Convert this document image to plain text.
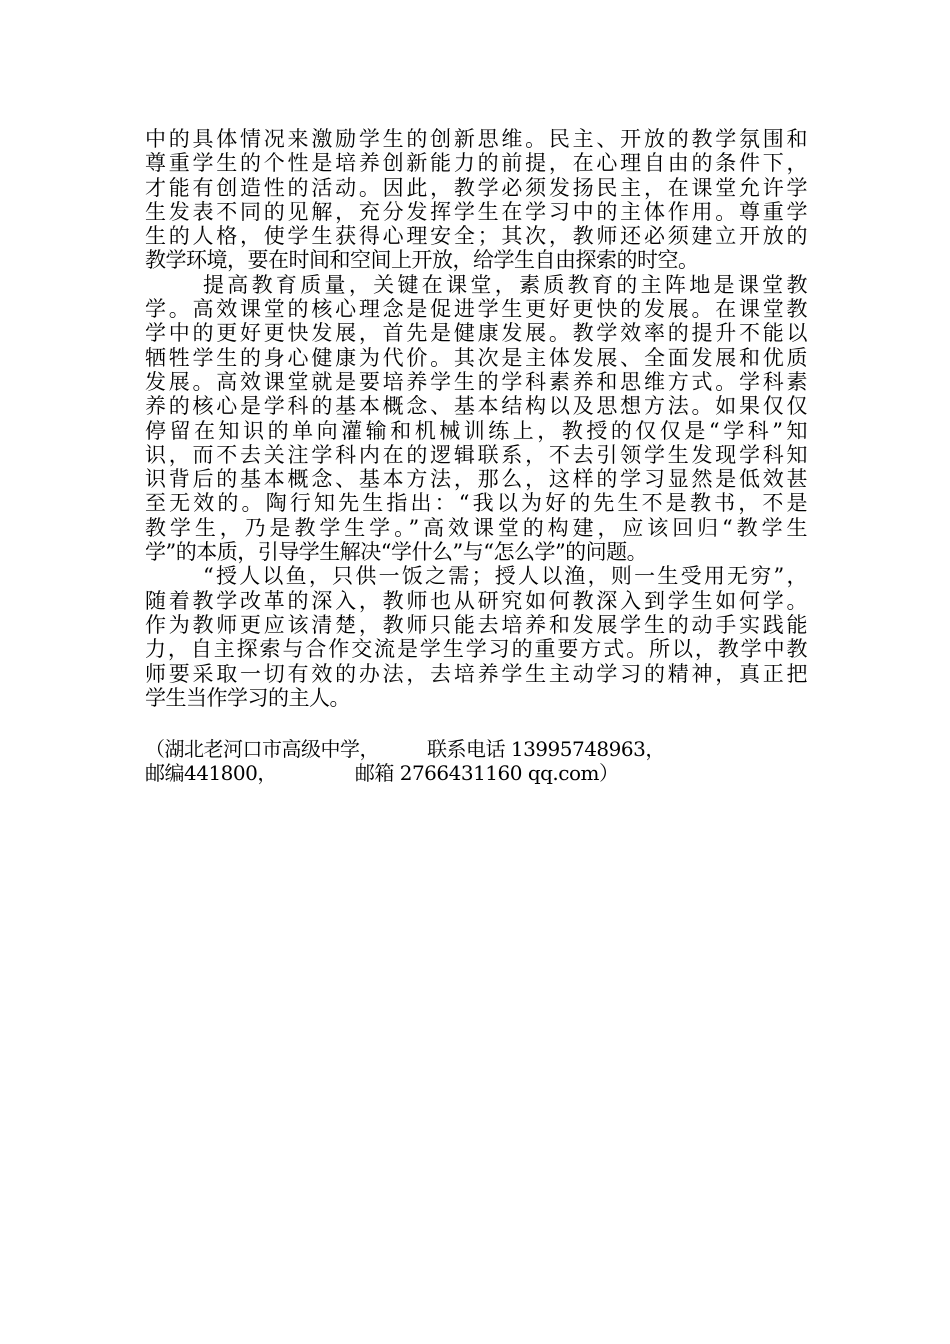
中的具体情况来激励学生的创新思维。民主、开放的教学氛围和
尊重学生的个性是培养创新能力的前提，在心理自由的条件下，
才能有创造性的活动。因此，教学必须发扬民主，在课堂允许学
生发表不同的见解，充分发挥学生在学习中的主体作用。尊重学
生的人格，使学生获得心理安全；其次，教师还必须建立开放的
教学环境，要在时间和空间上开放，给学生自由探索的时空。
提高教育质量，关键在课堂，素质教育的主阵地是课堂教
学。高效课堂的核心理念是促进学生更好更快的发展。在课堂教
学中的更好更快发展，首先是健康发展。教学效率的提升不能以
牺牲学生的身心健康为代价。其次是主体发展、全面发展和优质
发展。高效课堂就是要培养学生的学科素养和思维方式。学科素
养的核心是学科的基本概念、基本结构以及思想方法。如果仅仅
停留在知识的单向灌输和机械训练上，教授的仅仅是“学科”知
识，而不去关注学科内在的逻辑联系，不去引领学生发现学科知
识背后的基本概念、基本方法，那么，这样的学习显然是低效甚
至无效的。陶行知先生指出：“我以为好的先生不是教书，不是
教学生，乃是教学生学。”高效课堂的构建，应该回归“教学生
学”的本质，引导学生解决“学什么”与“怎么学”的问题。
“授人以鱼，只供一饭之需；授人以渔，则一生受用无穷”，
随着教学改革的深入，教师也从研究如何教深入到学生如何学。
作为教师更应该清楚，教师只能去培养和发展学生的动手实践能
力，自主探索与合作交流是学生学习的重要方式。所以，教学中教
师要采取一切有效的办法，去培养学生主动学习的精神，真正把
学生当作学习的主人。
（湖北老河口市高级中学， 联系电话 13995748963，
邮编441800，	邮箱 2766431160 qq.com）
